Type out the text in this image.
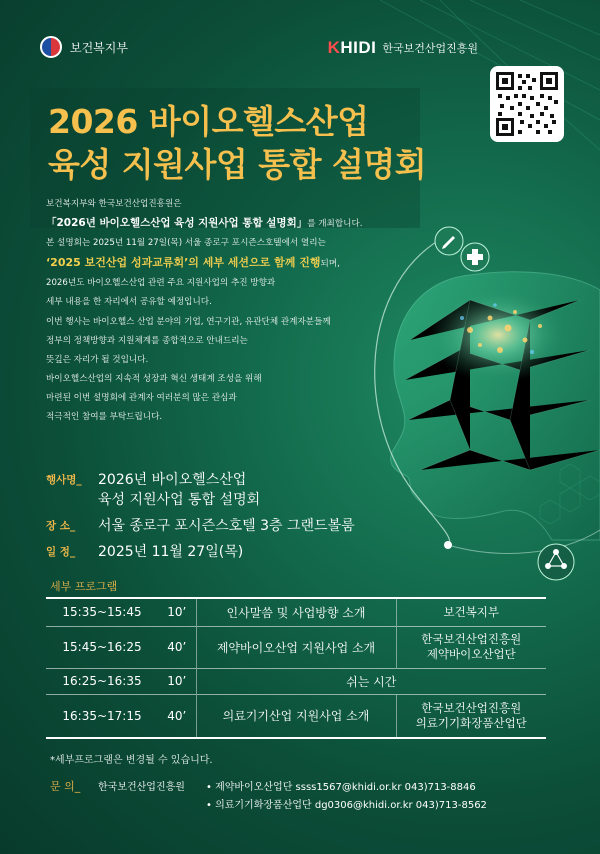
보건복지부	KHIDI 한국보건산업진흥원
2026 바이오헬스산업
육성 지원사업 통합 설명회
보건복지부와 한국보건산업진흥원은
「2026년 바이오헬스산업 육성 지원사업 통합 설명회」를 개최합니다.
본 설명회는 2025년 11월 27일(목) 서울 종로구 포시즌스호텔에서 열리는
‘2025 보건산업 성과교류회’의 세부 세션으로 함께 진행되며,
2026년도 바이오헬스산업 관련 주요 지원사업의 추진 방향과
세부 내용을 한 자리에서 공유할 예정입니다.
이번 행사는 바이오헬스 산업 분야의 기업, 연구기관, 유관단체 관계자분들께
정부의 정책방향과 지원체계를 종합적으로 안내드리는
뜻깊은 자리가 될 것입니다.
바이오헬스산업의 지속적 성장과 혁신 생태계 조성을 위해
마련된 이번 설명회에 관계자 여러분의 많은 관심과
적극적인 참여를 부탁드립니다.
행사명_	2026년 바이오헬스산업
육성 지원사업 통합 설명회
장 소_	서울 종로구 포시즌스호텔 3층 그랜드볼룸
일 정_	2025년 11월 27일(목)
세부 프로그램
15:35~15:45	10’	인사말씀 및 사업방향 소개	보건복지부
15:45~16:25	40’	제약바이오산업 지원사업 소개	한국보건산업진흥원
제약바이오산업단

16:25~16:35	10’	쉬는 시간	
16:35~17:15	40’	의료기기산업 지원사업 소개	한국보건산업진흥원
의료기기화장품산업단
*세부프로그램은 변경될 수 있습니다.
문 의_	한국보건산업진흥원 • 제약바이오산업단 ssss1567@khidi.or.kr 043)713-8846
• 의료기기화장품산업단 dg0306@khidi.or.kr 043)713-8562
